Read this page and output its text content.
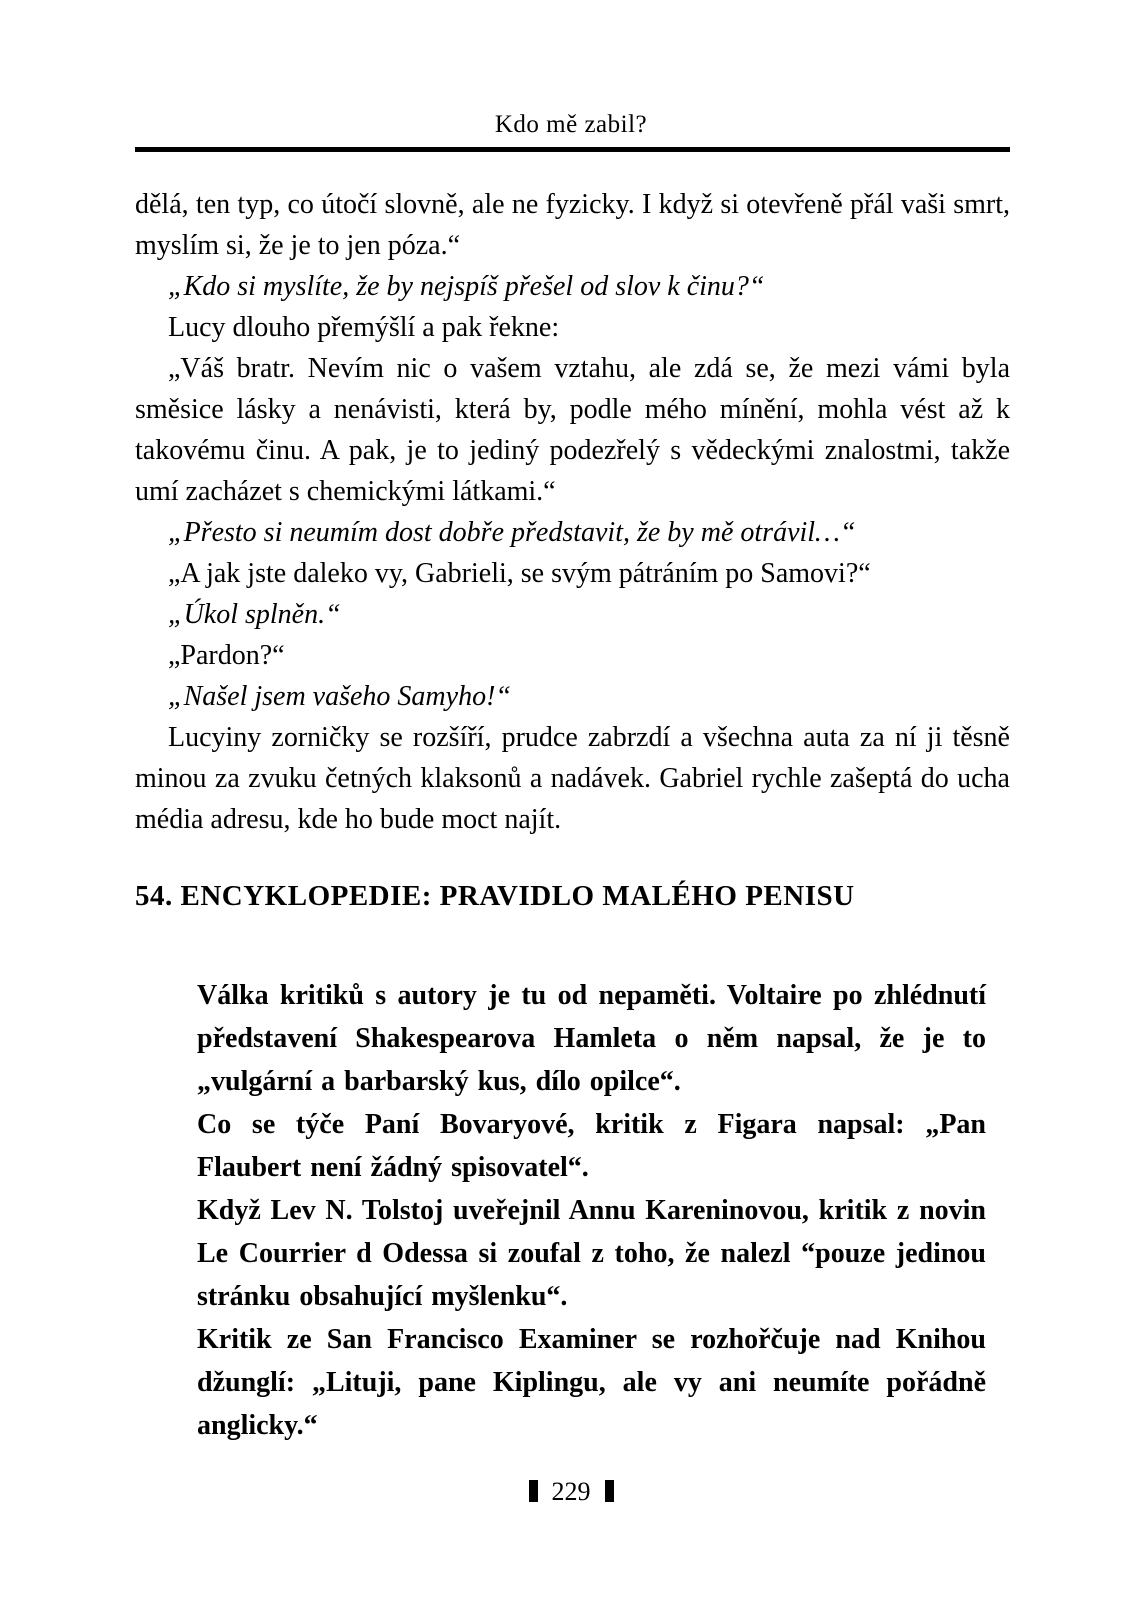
Kdo mě zabil?

dělá, ten typ, co útočí slovně, ale ne fyzicky. I když si otevřeně přál vaši smrt, myslím si, že je to jen póza.“

„Kdo si myslíte, že by nejspíš přešel od slov k činu?“

Lucy dlouho přemýšlí a pak řekne:

„Váš bratr. Nevím nic o vašem vztahu, ale zdá se, že mezi vámi byla směsice lásky a nenávisti, která by, podle mého mínění, mohla vést až k takovému činu. A pak, je to jediný podezřelý s vědeckými znalostmi, takže umí zacházet s chemickými látkami.“

„Přesto si neumím dost dobře představit, že by mě otrávil…“

„A jak jste daleko vy, Gabrieli, se svým pátráním po Samovi?“

„Úkol splněn.“

„Pardon?“

„Našel jsem vašeho Samyho!“

Lucyiny zorničky se rozšíří, prudce zabrzdí a všechna auta za ní ji těsně minou za zvuku četných klaksonů a nadávek. Gabriel rychle zašeptá do ucha média adresu, kde ho bude moct najít.

54. ENCYKLOPEDIE: PRAVIDLO MALÉHO PENISU

Válka kritiků s autory je tu od nepaměti. Voltaire po zhlédnutí představení Shakespearova Hamleta o něm napsal, že je to „vulgární a barbarský kus, dílo opilce“.

Co se týče Paní Bovaryové, kritik z Figara napsal: „Pan Flaubert není žádný spisovatel“.

Když Lev N. Tolstoj uveřejnil Annu Kareninovou, kritik z novin Le Courrier d Odessa si zoufal z toho, že nalezl “pouze jedinou stránku obsahující myšlenku“.

Kritik ze San Francisco Examiner se rozhořčuje nad Knihou džunglí: „Lituji, pane Kiplingu, ale vy ani neumíte pořádně anglicky.“

229
